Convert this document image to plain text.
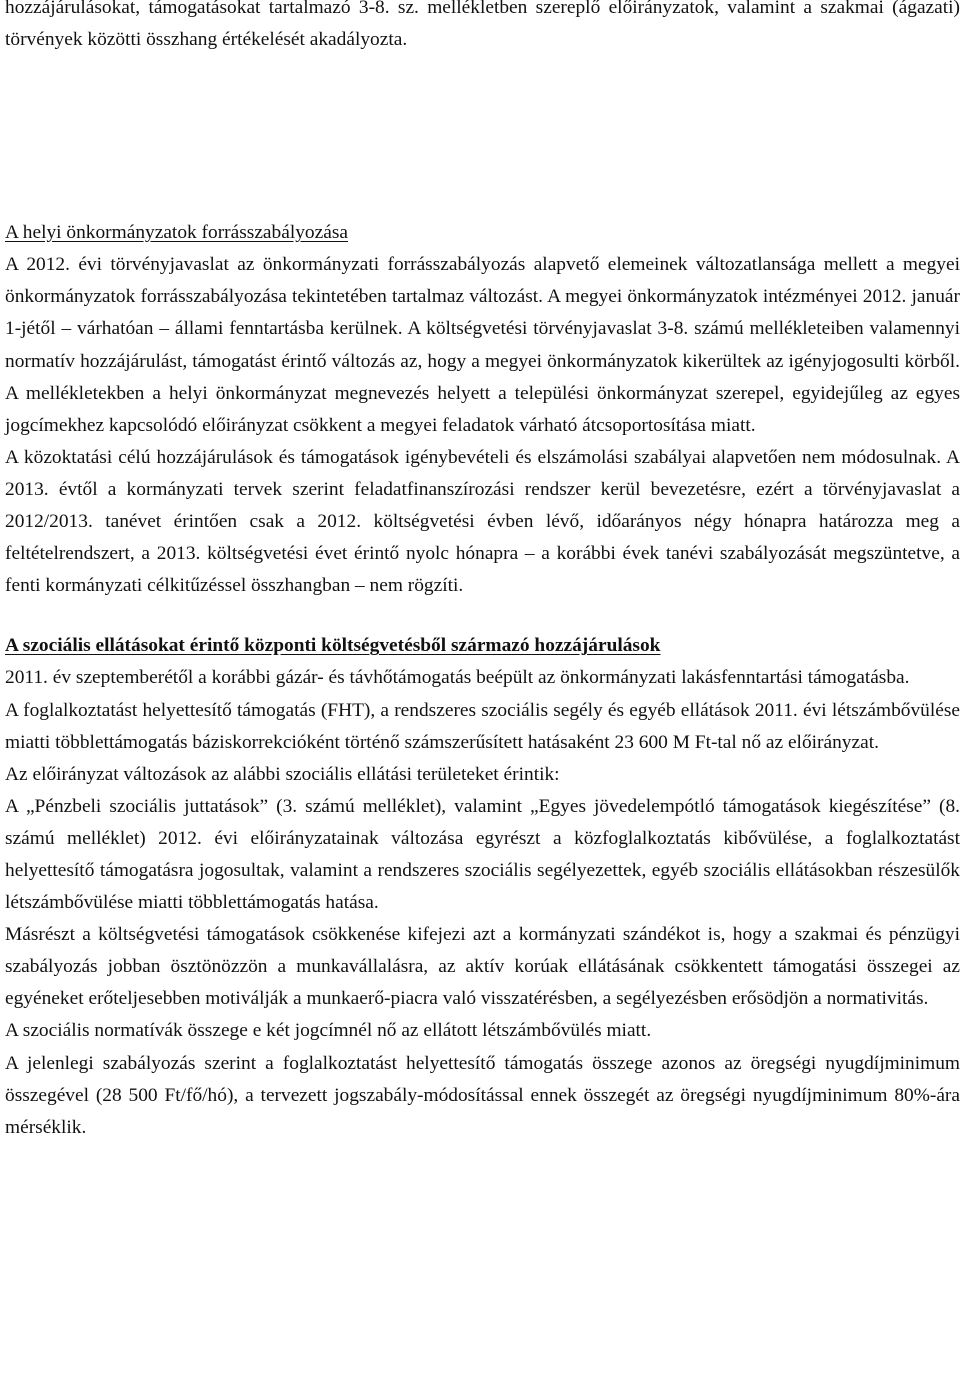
hozzájárulásokat, támogatásokat tartalmazó 3-8. sz. mellékletben szereplő előirányzatok, valamint a szakmai (ágazati) törvények közötti összhang értékelését akadályozta.

A helyi önkormányzatok forrásszabályozása

A 2012. évi törvényjavaslat az önkormányzati forrásszabályozás alapvető elemeinek változatlansága mellett a megyei önkormányzatok forrásszabályozása tekintetében tartalmaz változást. A megyei önkormányzatok intézményei 2012. január 1-jétől – várhatóan – állami fenntartásba kerülnek. A költségvetési törvényjavaslat 3-8. számú mellékleteiben valamennyi normatív hozzájárulást, támogatást érintő változás az, hogy a megyei önkormányzatok kikerültek az igényjogosulti körből. A mellékletekben a helyi önkormányzat megnevezés helyett a települési önkormányzat szerepel, egyidejűleg az egyes jogcímekhez kapcsolódó előirányzat csökkent a megyei feladatok várható átcsoportosítása miatt.

A közoktatási célú hozzájárulások és támogatások igénybevételi és elszámolási szabályai alapvetően nem módosulnak. A 2013. évtől a kormányzati tervek szerint feladatfinanszírozási rendszer kerül bevezetésre, ezért a törvényjavaslat a 2012/2013. tanévet érintően csak a 2012. költségvetési évben lévő, időarányos négy hónapra határozza meg a feltételrendszert, a 2013. költségvetési évet érintő nyolc hónapra – a korábbi évek tanévi szabályozását megszüntetve, a fenti kormányzati célkitűzéssel összhangban – nem rögzíti.

A szociális ellátásokat érintő központi költségvetésből származó hozzájárulások

2011. év szeptemberétől a korábbi gázár- és távhőtámogatás beépült az önkormányzati lakásfenntartási támogatásba.

A foglalkoztatást helyettesítő támogatás (FHT), a rendszeres szociális segély és egyéb ellátások 2011. évi létszámbővülése miatti többlettámogatás báziskorrekcióként történő számszerűsített hatásaként 23 600 M Ft-tal nő az előirányzat.

Az előirányzat változások az alábbi szociális ellátási területeket érintik:

A „Pénzbeli szociális juttatások” (3. számú melléklet), valamint „Egyes jövedelempótló támogatások kiegészítése” (8. számú melléklet) 2012. évi előirányzatainak változása egyrészt a közfoglalkoztatás kibővülése, a foglalkoztatást helyettesítő támogatásra jogosultak, valamint a rendszeres szociális segélyezettek, egyéb szociális ellátásokban részesülők létszámbővülése miatti többlettámogatás hatása.

Másrészt a költségvetési támogatások csökkenése kifejezi azt a kormányzati szándékot is, hogy a szakmai és pénzügyi szabályozás jobban ösztönözzön a munkavállalásra, az aktív korúak ellátásának csökkentett támogatási összegei az egyéneket erőteljesebben motiválják a munkaerő-piacra való visszatérésben, a segélyezésben erősödjön a normativitás.

A szociális normatívák összege e két jogcímnél nő az ellátott létszámbővülés miatt.

A jelenlegi szabályozás szerint a foglalkoztatást helyettesítő támogatás összege azonos az öregségi nyugdíjminimum összegével (28 500 Ft/fő/hó), a tervezett jogszabály-módosítással ennek összegét az öregségi nyugdíjminimum 80%-ára mérséklik.
